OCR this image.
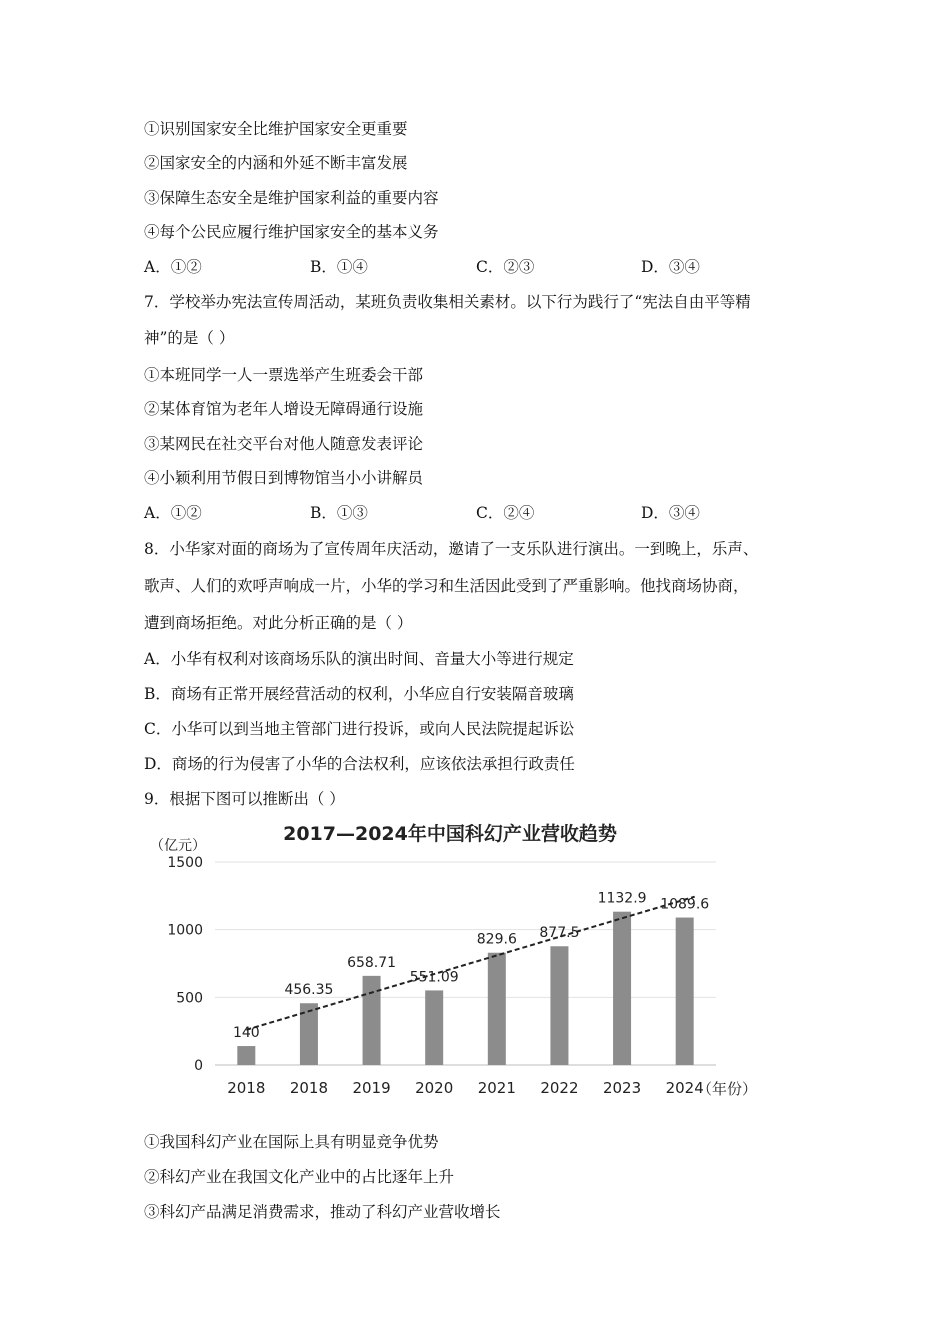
①识别国家安全比维护国家安全更重要
②国家安全的内涵和外延不断丰富发展
③保障生态安全是维护国家利益的重要内容
④每个公民应履行维护国家安全的基本义务
A．①②	B．①④	C．②③	D．③④
7．学校举办宪法宣传周活动，某班负责收集相关素材。以下行为践行了“宪法自由平等精
神”的是（ ）
①本班同学一人一票选举产生班委会干部
②某体育馆为老年人增设无障碍通行设施
③某网民在社交平台对他人随意发表评论
④小颖利用节假日到博物馆当小小讲解员
A．①②	B．①③	C．②④	D．③④
8．小华家对面的商场为了宣传周年庆活动，邀请了一支乐队进行演出。一到晚上，乐声、
歌声、人们的欢呼声响成一片，小华的学习和生活因此受到了严重影响。他找商场协商，
遭到商场拒绝。对此分析正确的是（ ）
A．小华有权利对该商场乐队的演出时间、音量大小等进行规定
B．商场有正常开展经营活动的权利，小华应自行安装隔音玻璃
C．小华可以到当地主管部门进行投诉，或向人民法院提起诉讼
D．商场的行为侵害了小华的合法权利，应该依法承担行政责任
9．根据下图可以推断出（ ）
2017—2024年中国科幻产业营收趋势
（亿元）
0
500
1000
1500
140
2018
456.35
2018
658.71
2019
551.09
2020
829.6
2021
877.5
2022
1132.9
2023
1089.6
2024
（年份）
①我国科幻产业在国际上具有明显竞争优势
②科幻产业在我国文化产业中的占比逐年上升
③科幻产品满足消费需求，推动了科幻产业营收增长
